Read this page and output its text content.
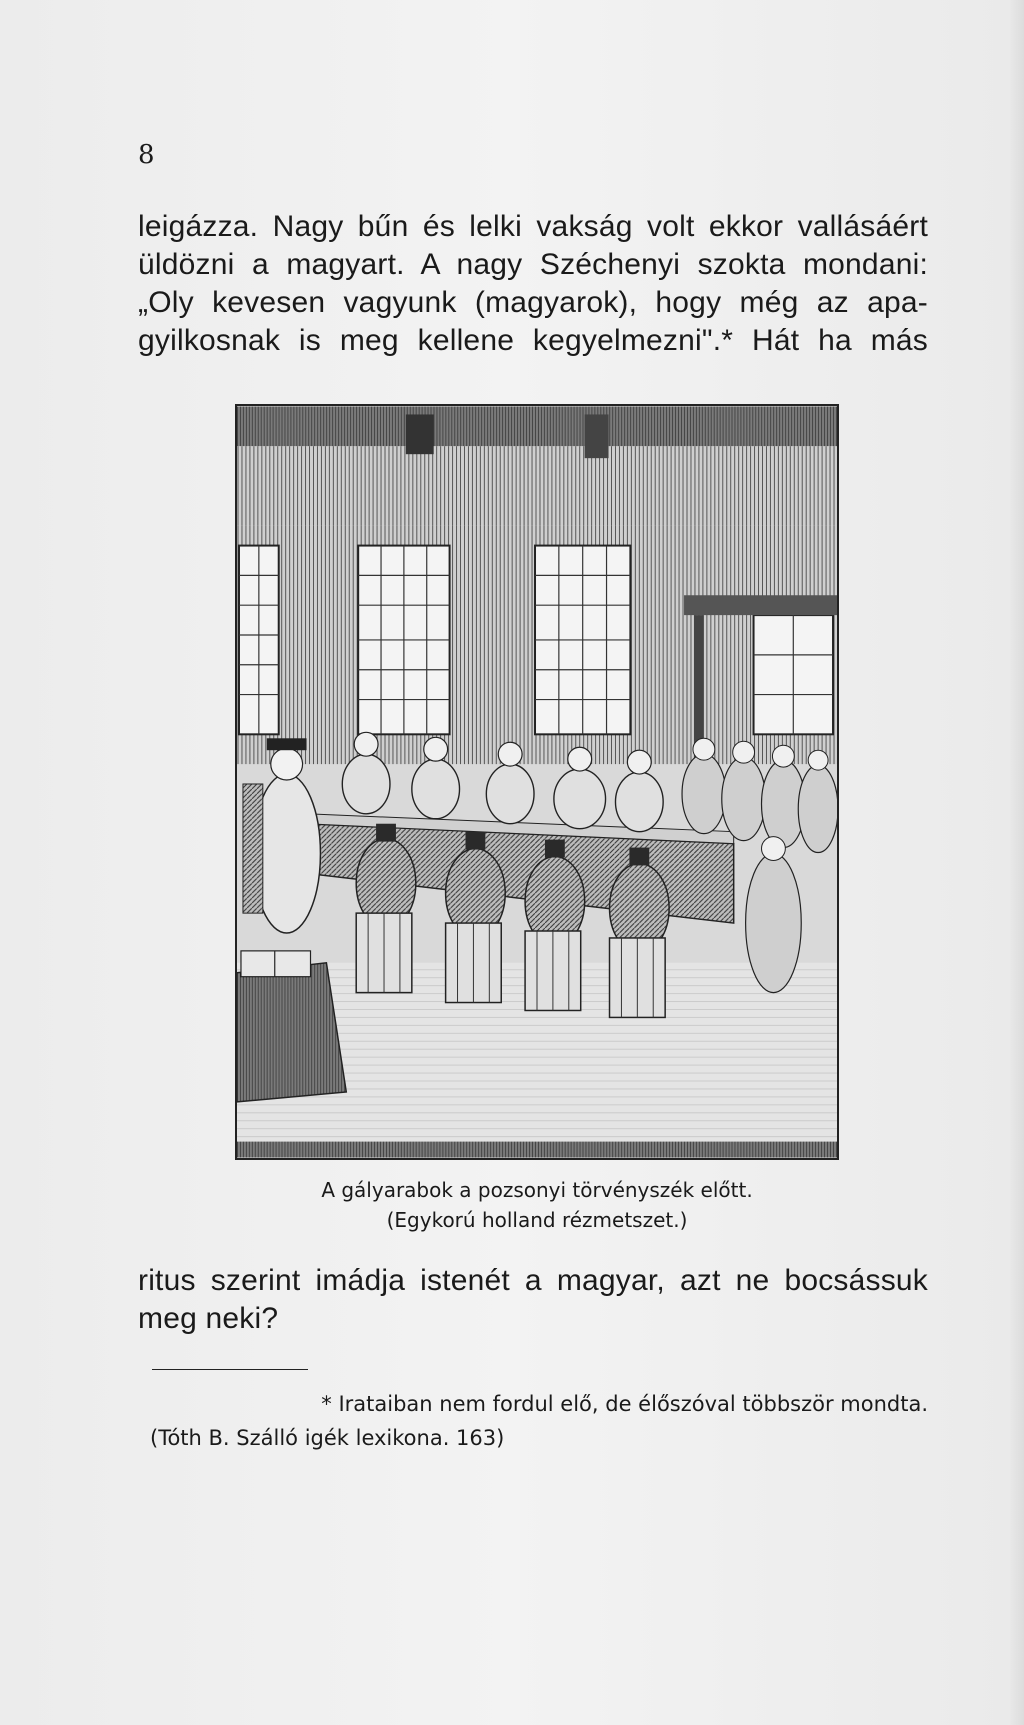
8
leigázza. Nagy bűn és lelki vakság volt ekkor vallásáért
üldözni a magyart. A nagy Széchenyi szokta mondani:
„Oly kevesen vagyunk (magyarok), hogy még az apa-
gyilkosnak is meg kellene kegyelmezni".* Hát ha más
A gályarabok a pozsonyi törvényszék előtt.
(Egykorú holland rézmetszet.)
ritus szerint imádja istenét a magyar, azt ne bocsássuk
meg neki?
* Irataiban nem fordul elő, de élőszóval többször mondta.
(Tóth B. Szálló igék lexikona. 163)
